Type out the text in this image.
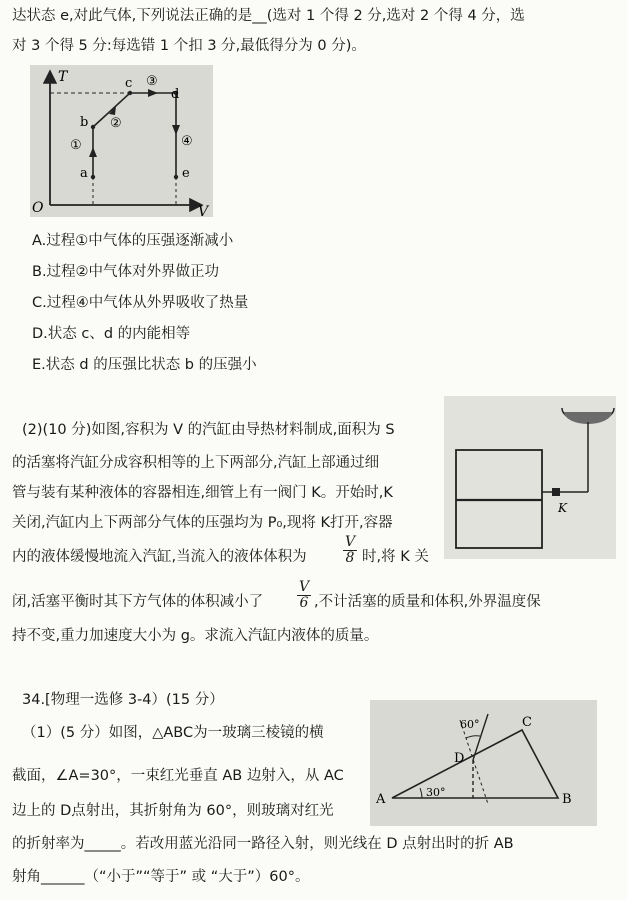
达状态 e,对此气体,下列说法正确的是__(选对 1 个得 2 分,选对 2 个得 4 分，选
对 3 个得 5 分:每选错 1 个扣 3 分,最低得分为 0 分)。
T
V
O
a
b
c
d
e
①
②
③
④
A.过程①中气体的压强逐渐减小
B.过程②中气体对外界做正功
C.过程④中气体从外界吸收了热量
D.状态 c、d 的内能相等
E.状态 d 的压强比状态 b 的压强小
(2)(10 分)如图,容积为 V 的汽缸由导热材料制成,面积为 S
的活塞将汽缸分成容积相等的上下两部分,汽缸上部通过细
管与装有某种液体的容器相连,细管上有一阀门 K。开始时,K
关闭,汽缸内上下两部分气体的压强均为 P₀,现将 K打开,容器
内的液体缓慢地流入汽缸,当流入的液体体积为
V
8 时,将 K 关
闭,活塞平衡时其下方气体的体积减小了
V
6 ,不计活塞的质量和体积,外界温度保
持不变,重力加速度大小为 g。求流入汽缸内液体的质量。
K
34.[物理一选修 3-4）(15 分）
（1）(5 分）如图，△ABC为一玻璃三棱镜的横
截面，∠A=30°，一束红光垂直 AB 边射入，从 AC
边上的 D点射出，其折射角为 60°，则玻璃对红光
的折射率为_____。若改用蓝光沿同一路径入射，则光线在 D 点射出时的折 AB
射角______（“小于”“等于” 或 “大于”）60°。
A	B
C
D
30°
60°
